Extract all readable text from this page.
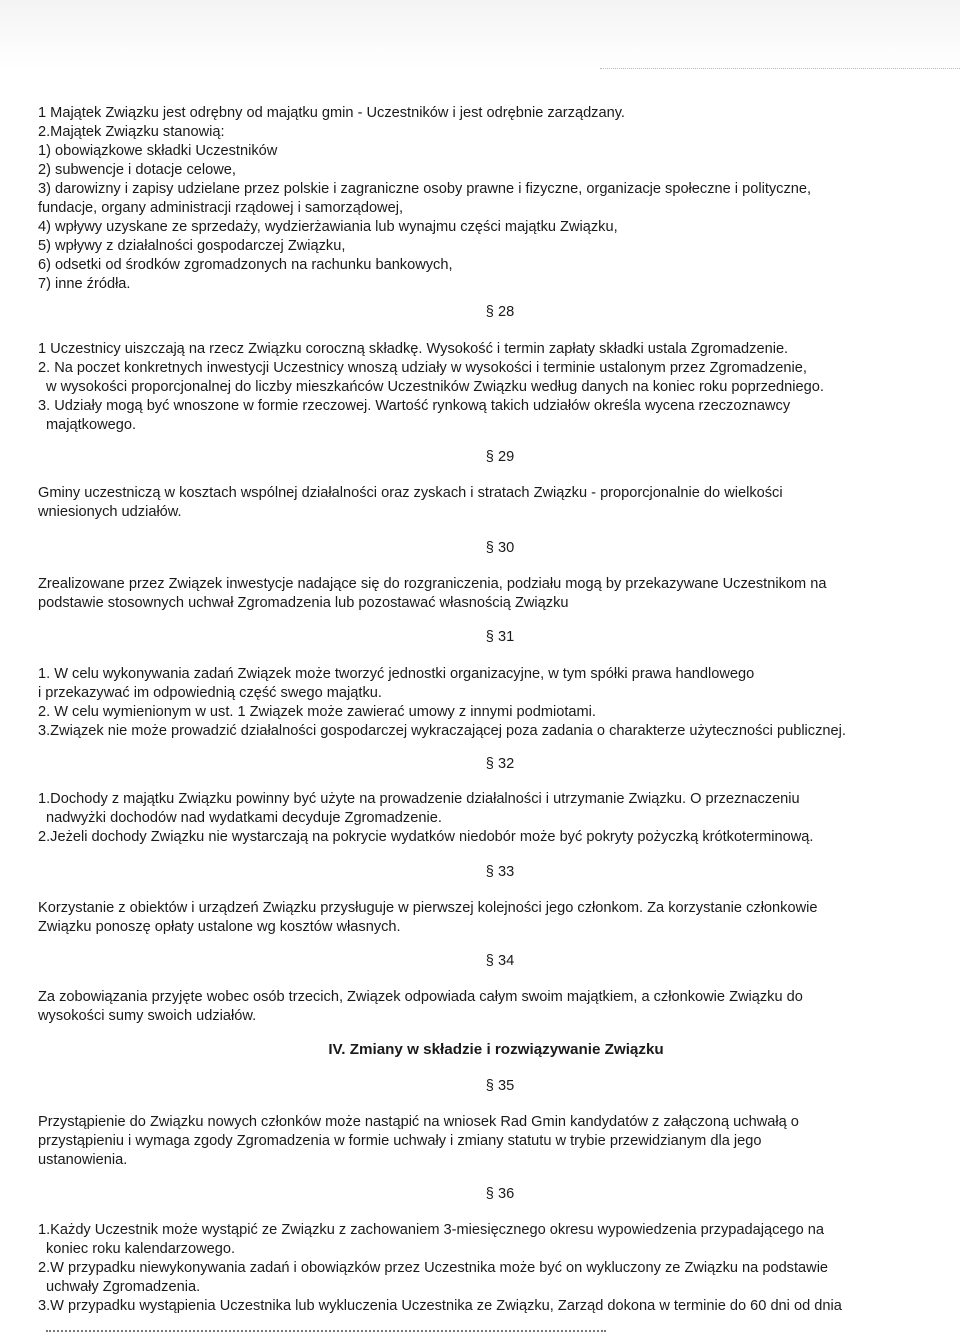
1 Majątek Związku jest odrębny od majątku gmin - Uczestników i jest odrębnie zarządzany.
2.Majątek Związku stanowią:
1) obowiązkowe składki Uczestników
2) subwencje i dotacje celowe,
3) darowizny i zapisy udzielane przez polskie i zagraniczne osoby prawne i fizyczne, organizacje społeczne i polityczne,
fundacje, organy administracji rządowej i samorządowej,
4) wpływy uzyskane ze sprzedaży, wydzierżawiania lub wynajmu części majątku Związku,
5) wpływy z działalności gospodarczej Związku,
6) odsetki od środków zgromadzonych na rachunku bankowych,
7) inne źródła.
§ 28
1 Uczestnicy uiszczają na rzecz Związku coroczną składkę. Wysokość i termin zapłaty składki ustala Zgromadzenie.
2. Na poczet konkretnych inwestycji Uczestnicy wnoszą udziały w wysokości i terminie ustalonym przez Zgromadzenie,
w wysokości proporcjonalnej do liczby mieszkańców Uczestników Związku według danych na koniec roku poprzedniego.
3. Udziały mogą być wnoszone w formie rzeczowej. Wartość rynkową takich udziałów określa wycena rzeczoznawcy
majątkowego.
§ 29
Gminy uczestniczą w kosztach wspólnej działalności oraz zyskach i stratach Związku - proporcjonalnie do wielkości
wniesionych udziałów.
§ 30
Zrealizowane przez Związek inwestycje nadające się do rozgraniczenia, podziału mogą by przekazywane Uczestnikom na
podstawie stosownych uchwał Zgromadzenia lub pozostawać własnością Związku
§ 31
1. W celu wykonywania zadań Związek może tworzyć jednostki organizacyjne, w tym spółki prawa handlowego
i przekazywać im odpowiednią część swego majątku.
2. W celu wymienionym w ust. 1 Związek może zawierać umowy z innymi podmiotami.
3.Związek nie może prowadzić działalności gospodarczej wykraczającej poza zadania o charakterze użyteczności publicznej.
§ 32
1.Dochody z majątku Związku powinny być użyte na prowadzenie działalności i utrzymanie Związku. O przeznaczeniu
nadwyżki dochodów nad wydatkami decyduje Zgromadzenie.
2.Jeżeli dochody Związku nie wystarczają na pokrycie wydatków niedobór może być pokryty pożyczką krótkoterminową.
§ 33
Korzystanie z obiektów i urządzeń Związku przysługuje w pierwszej kolejności jego członkom. Za korzystanie członkowie
Związku ponoszę opłaty ustalone wg kosztów własnych.
§ 34
Za zobowiązania przyjęte wobec osób trzecich, Związek odpowiada całym swoim majątkiem, a członkowie Związku do
wysokości sumy swoich udziałów.
IV. Zmiany w składzie i rozwiązywanie Związku
§ 35
Przystąpienie do Związku nowych członków może nastąpić na wniosek Rad Gmin kandydatów z załączoną uchwałą o
przystąpieniu i wymaga zgody Zgromadzenia w formie uchwały i zmiany statutu w trybie przewidzianym dla jego
ustanowienia.
§ 36
1.Każdy Uczestnik może wystąpić ze Związku z zachowaniem 3-miesięcznego okresu wypowiedzenia przypadającego na
koniec roku kalendarzowego.
2.W przypadku niewykonywania zadań i obowiązków przez Uczestnika może być on wykluczony ze Związku na podstawie
uchwały Zgromadzenia.
3.W przypadku wystąpienia Uczestnika lub wykluczenia Uczestnika ze Związku, Zarząd dokona w terminie do 60 dni od dnia
